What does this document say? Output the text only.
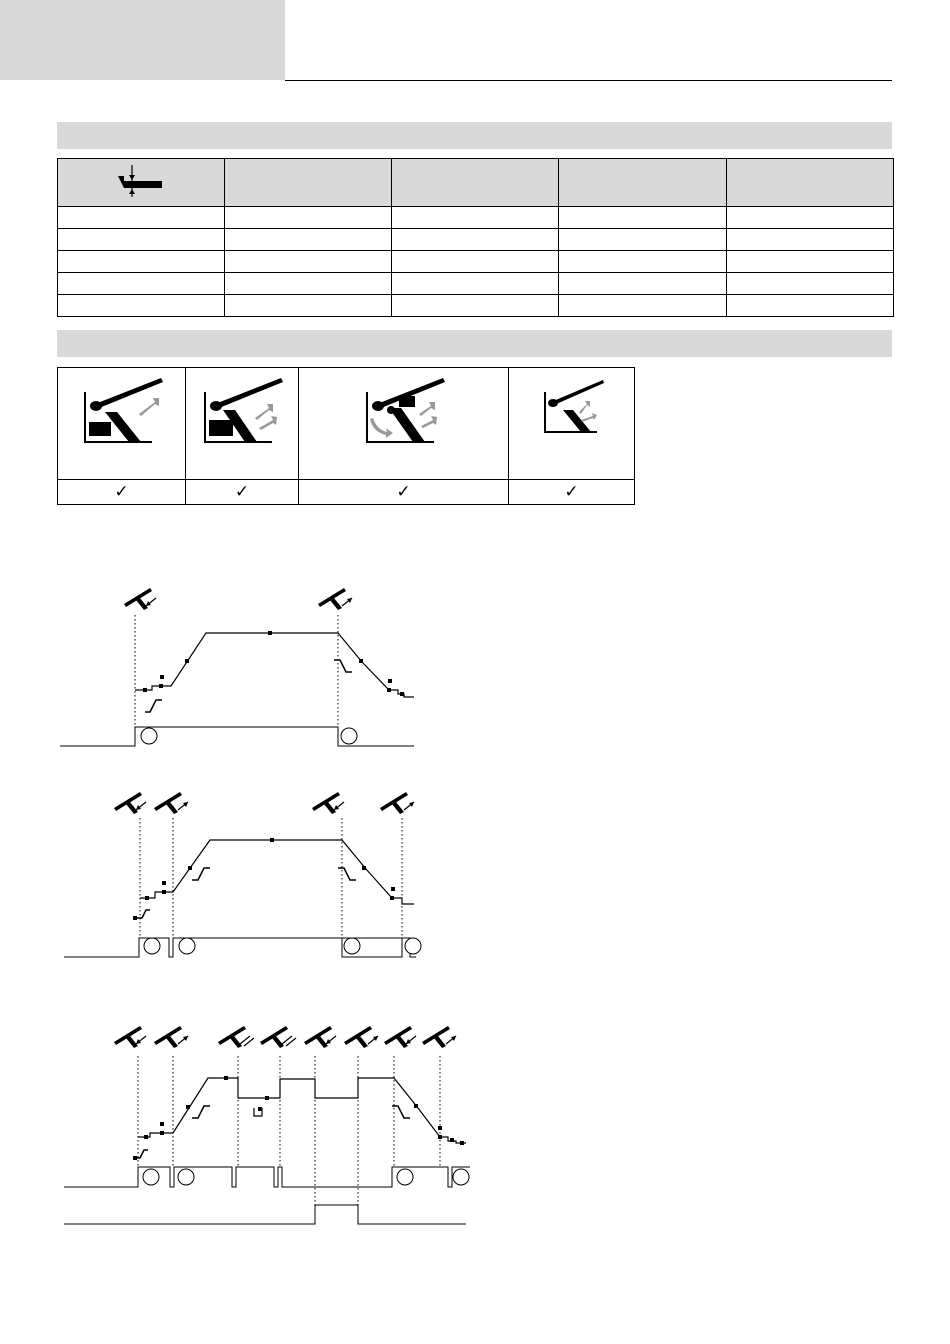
✓	✓	✓	✓
